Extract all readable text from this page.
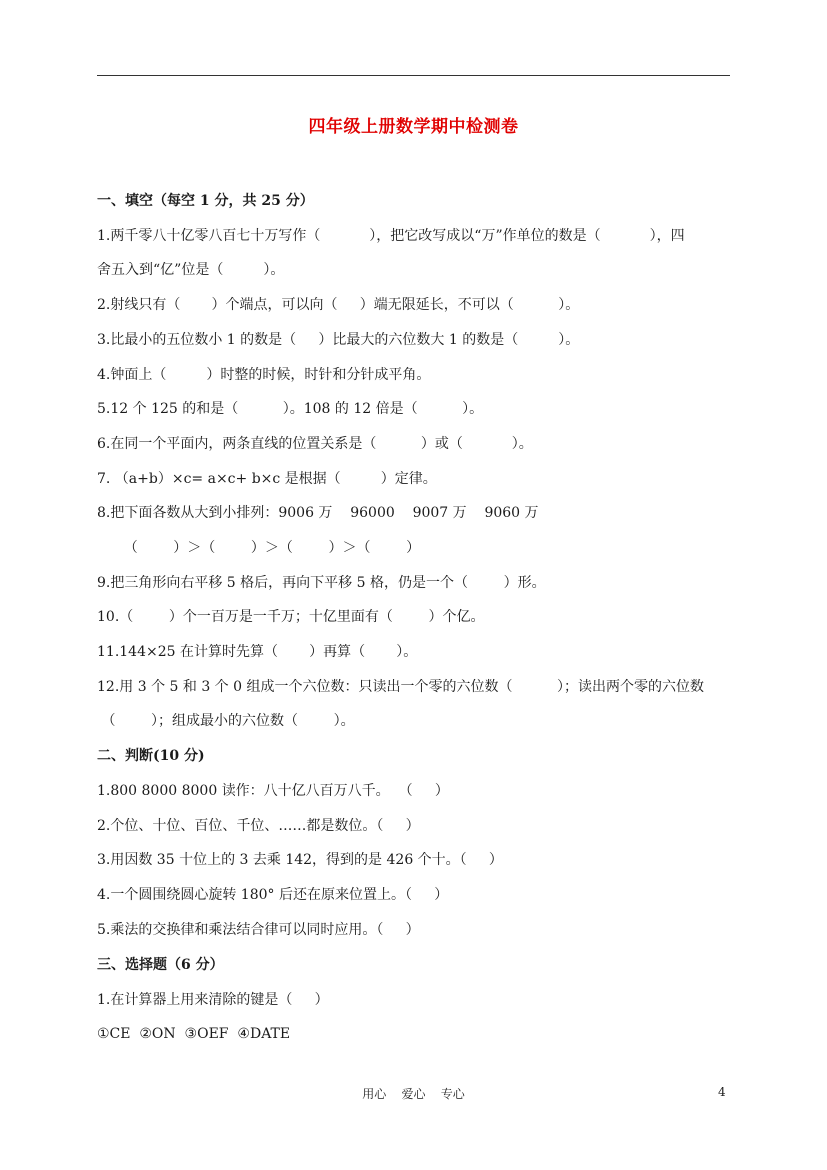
四年级上册数学期中检测卷
一、填空（每空 1 分，共 25 分）
1.两千零八十亿零八百七十万写作（           ），把它改写成以“万”作单位的数是（           ），四
舍五入到“亿”位是（         ）。
2.射线只有（       ）个端点，可以向（     ）端无限延长，不可以（          ）。
3.比最小的五位数小 1 的数是（     ）比最大的六位数大 1 的数是（         ）。
4.钟面上（         ）时整的时候，时针和分针成平角。
5.12 个 125 的和是（          ）。108 的 12 倍是（          ）。
6.在同一个平面内，两条直线的位置关系是（          ）或（           ）。
7. （a+b）×c= a×c+ b×c 是根据（         ）定律。
8.把下面各数从大到小排列：9006 万    96000    9007 万    9060 万
（        ）＞（        ）＞（        ）＞（        ）
9.把三角形向右平移 5 格后，再向下平移 5 格，仍是一个（        ）形。
10.（        ）个一百万是一千万；十亿里面有（        ）个亿。
11.144×25 在计算时先算（       ）再算（       ）。
12.用 3 个 5 和 3 个 0 组成一个六位数：只读出一个零的六位数（          ）；读出两个零的六位数
（        ）；组成最小的六位数（        ）。
二、判断(10 分)
1.800 8000 8000 读作：八十亿八百万八千。  （     ）
2.个位、十位、百位、千位、……都是数位。（     ）
3.用因数 35 十位上的 3 去乘 142，得到的是 426 个十。（     ）
4.一个圆围绕圆心旋转 180° 后还在原来位置上。（     ）
5.乘法的交换律和乘法结合律可以同时应用。（     ）
三、选择题（6 分）
1.在计算器上用来清除的键是（     ）
①CE  ②ON  ③OEF  ④DATE
用心    爱心    专心	4
